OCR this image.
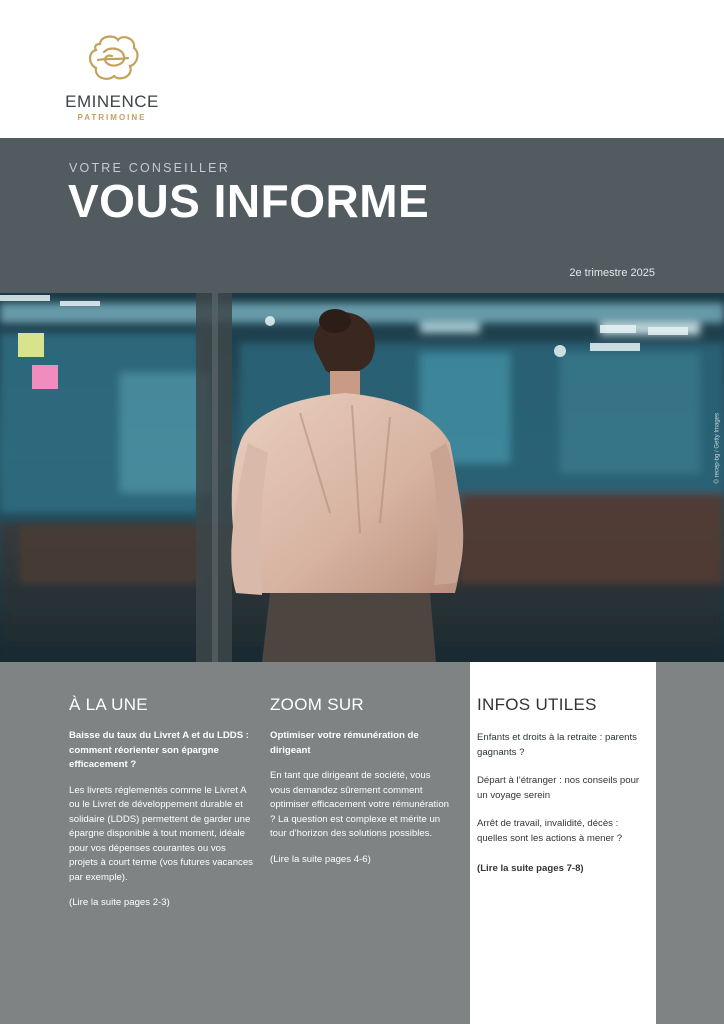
EMINENCE
PATRIMOINE
VOTRE CONSEILLER
VOUS INFORME
2e trimestre 2025
© recep-bg / Getty Images
À LA UNE
Baisse du taux du Livret A et du LDDS : comment réorienter son épargne efficacement ?
Les livrets réglementés comme le Livret A ou le Livret de développement durable et solidaire (LDDS) permettent de garder une épargne disponible à tout moment, idéale pour vos dépenses courantes ou vos projets à court terme (vos futures vacances par exemple).
(Lire la suite pages 2-3)
ZOOM SUR
Optimiser votre rémunération de dirigeant
En tant que dirigeant de société, vous vous demandez sûrement comment optimiser efficacement votre rémunération ? La question est complexe et mérite un tour d’horizon des solutions possibles.
(Lire la suite pages 4-6)
INFOS UTILES
Enfants et droits à la retraite : parents gagnants ?
Départ à l’étranger : nos conseils pour un voyage serein
Arrêt de travail, invalidité, décès : quelles sont les actions à mener ?
(Lire la suite pages 7-8)
